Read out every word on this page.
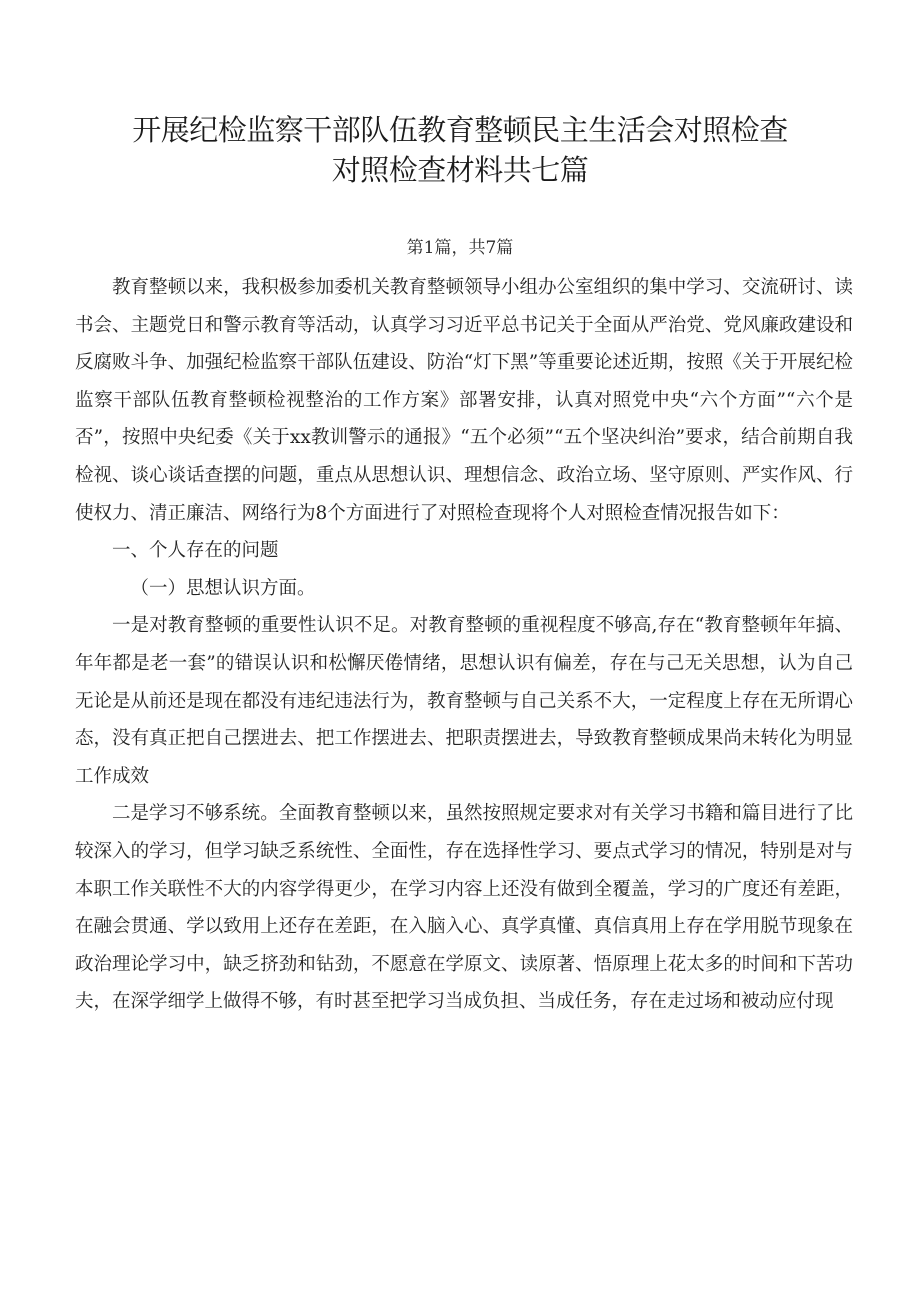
开展纪检监察干部队伍教育整顿民主生活会对照检查
对照检查材料共七篇
第1篇，共7篇

教育整顿以来，我积极参加委机关教育整顿领导小组办公室组织的集中学习、交流研讨、读书会、主题党日和警示教育等活动，认真学习习近平总书记关于全面从严治党、党风廉政建设和反腐败斗争、加强纪检监察干部队伍建设、防治“灯下黑”等重要论述近期，按照《关于开展纪检监察干部队伍教育整顿检视整治的工作方案》部署安排，认真对照党中央“六个方面”“六个是否”，按照中央纪委《关于xx教训警示的通报》“五个必须”“五个坚决纠治”要求，结合前期自我检视、谈心谈话查摆的问题，重点从思想认识、理想信念、政治立场、坚守原则、严实作风、行使权力、清正廉洁、网络行为8个方面进行了对照检查现将个人对照检查情况报告如下：

一、个人存在的问题

（一）思想认识方面。

一是对教育整顿的重要性认识不足。对教育整顿的重视程度不够高,存在“教育整顿年年搞、年年都是老一套”的错误认识和松懈厌倦情绪，思想认识有偏差，存在与己无关思想，认为自己无论是从前还是现在都没有违纪违法行为，教育整顿与自己关系不大，一定程度上存在无所谓心态，没有真正把自己摆进去、把工作摆进去、把职责摆进去，导致教育整顿成果尚未转化为明显工作成效

二是学习不够系统。全面教育整顿以来，虽然按照规定要求对有关学习书籍和篇目进行了比较深入的学习，但学习缺乏系统性、全面性，存在选择性学习、要点式学习的情况，特别是对与本职工作关联性不大的内容学得更少，在学习内容上还没有做到全覆盖，学习的广度还有差距，在融会贯通、学以致用上还存在差距，在入脑入心、真学真懂、真信真用上存在学用脱节现象在政治理论学习中，缺乏挤劲和钻劲，不愿意在学原文、读原著、悟原理上花太多的时间和下苦功夫，在深学细学上做得不够，有时甚至把学习当成负担、当成任务，存在走过场和被动应付现
